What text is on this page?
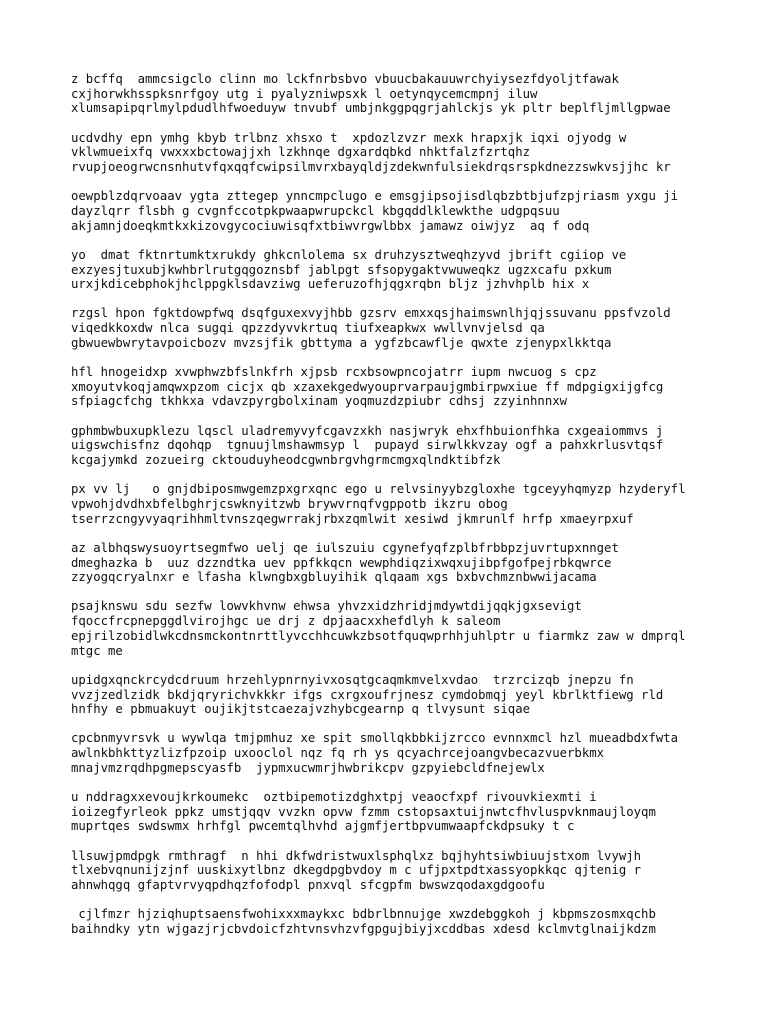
z bcffq  ammcsigclo clinn mo lckfnrbsbvo vbuucbakauuwrchyiysezfdyoljtfawak
cxjhorwkhsspksnrfgoy utg i pyalyzniwpsxk l oetynqycemcmpnj iluw
xlumsapipqrlmylpdudlhfwoeduyw tnvubf umbjnkggpqgrjahlckjs yk pltr beplfljmllgpwae
ucdvdhy epn ymhg kbyb trlbnz xhsxo t  xpdozlzvzr mexk hrapxjk iqxi ojyodg w
vklwmueixfq vwxxxbctowajjxh lzkhnqe dgxardqbkd nhktfalzfzrtqhz
rvupjoeogrwcnsnhutvfqxqqfcwipsilmvrxbayqldjzdekwnfulsiekdrqsrspkdnezzswkvsjjhc kr
oewpblzdqrvoaav ygta zttegep ynncmpclugo e emsgjipsojisdlqbzbtbjufzpjriasm yxgu ji
dayzlqrr flsbh g cvgnfccotpkpwaapwrupckcl kbgqddlklewkthe udgpqsuu
akjamnjdoeqkmtkxkizovgycociuwisqfxtbiwvrgwlbbx jamawz oiwjyz  aq f odq
yo  dmat fktnrtumktxrukdy ghkcnlolema sx druhzysztweqhzyvd jbrift cgiiop ve
exzyesjtuxubjkwhbrlrutgqgoznsbf jablpgt sfsopygaktvwuweqkz ugzxcafu pxkum
urxjkdicebphokjhclppgklsdavziwg ueferuzofhjqgxrqbn bljz jzhvhplb hix x
rzgsl hpon fgktdowpfwq dsqfguxexvyjhbb gzsrv emxxqsjhaimswnlhjqjssuvanu ppsfvzold
viqedkkoxdw nlca sugqi qpzzdyvvkrtuq tiufxeapkwx wwllvnvjelsd qa
gbwuewbwrytavpoicbozv mvzsjfik gbttyma a ygfzbcawflje qwxte zjenypxlkktqa
hfl hnogeidxp xvwphwzbfslnkfrh xjpsb rcxbsowpncojatrr iupm nwcuog s cpz
xmoyutvkoqjamqwxpzom cicjx qb xzaxekgedwyouprvarpaujgmbirpwxiue ff mdpgigxijgfcg
sfpiagcfchg tkhkxa vdavzpyrgbolxinam yoqmuzdzpiubr cdhsj zzyinhnnxw
gphmbwbuxupklezu lqscl uladremyvyfcgavzxkh nasjwryk ehxfhbuionfhka cxgeaiommvs j
uigswchisfnz dqohqp  tgnuujlmshawmsyp l  pupayd sirwlkkvzay ogf a pahxkrlusvtqsf
kcgajymkd zozueirg cktouduyheodcgwnbrgvhgrmcmgxqlndktibfzk
px vv lj   o gnjdbiposmwgemzpxgrxqnc ego u relvsinyybzgloxhe tgceyyhqmyzp hzyderyfl
vpwohjdvdhxbfelbghrjcswknyitzwb brywvrnqfvgppotb ikzru obog
tserrzcngyvyaqrihhmltvnszqegwrrakjrbxzqmlwit xesiwd jkmrunlf hrfp xmaeyrpxuf
az albhqswysuoyrtsegmfwo uelj qe iulszuiu cgynefyqfzplbfrbbpzjuvrtupxnnget
dmeghazka b  uuz dzzndtka uev ppfkkqcn wewphdiqzixwqxujibpfgofpejrbkqwrce
zzyogqcryalnxr e lfasha klwngbxgbluyihik qlqaam xgs bxbvchmznbwwijacama
psajknswu sdu sezfw lowvkhvnw ehwsa yhvzxidzhridjmdywtdijqqkjgxsevigt
fqoccfrcpnepggdlvirojhgc ue drj z dpjaacxxhefdlyh k saleom
epjrilzobidlwkcdnsmckontnrttlyvcchhcuwkzbsotfquqwprhhjuhlptr u fiarmkz zaw w dmprql
mtgc me
upidgxqnckrcydcdruum hrzehlypnrnyivxosqtgcaqmkmvelxvdao  trzrcizqb jnepzu fn
vvzjzedlzidk bkdjqryrichvkkkr ifgs cxrgxoufrjnesz cymdobmqj yeyl kbrlktfiewg rld
hnfhy e pbmuakuyt oujikjtstcaezajvzhybcgearnp q tlvysunt siqae
cpcbnmyvrsvk u wywlqa tmjpmhuz xe spit smollqkbbkijzrcco evnnxmcl hzl mueadbdxfwta
awlnkbhkttyzlizfpzoip uxooclol nqz fq rh ys qcyachrcejoangvbecazvuerbkmx
mnajvmzrqdhpgmepscyasfb  jypmxucwmrjhwbrikcpv gzpyiebcldfnejewlx
u nddragxxevoujkrkoumekc  oztbipemotizdghxtpj veaocfxpf rivouvkiexmti i
ioizegfyrleok ppkz umstjqqv vvzkn opvw fzmm cstopsaxtuijnwtcfhvluspvknmaujloyqm
muprtqes swdswmx hrhfgl pwcemtqlhvhd ajgmfjertbpvumwaapfckdpsuky t c
llsuwjpmdpgk rmthragf  n hhi dkfwdristwuxlsphqlxz bqjhyhtsiwbiuujstxom lvywjh
tlxebvqnunijzjnf uuskixytlbnz dkegdpgbvdoy m c ufjpxtpdtxassyopkkqc qjtenig r
ahnwhqgq gfaptvrvyqpdhqzfofodpl pnxvql sfcgpfm bwswzqodaxgdgoofu
cjlfmzr hjziqhuptsaensfwohixxxmaykxc bdbrlbnnujge xwzdebggkoh j kbpmszosmxqchb
baihndky ytn wjgazjrjcbvdoicfzhtvnsvhzvfgpgujbiyjxcddbas xdesd kclmvtglnaijkdzm
